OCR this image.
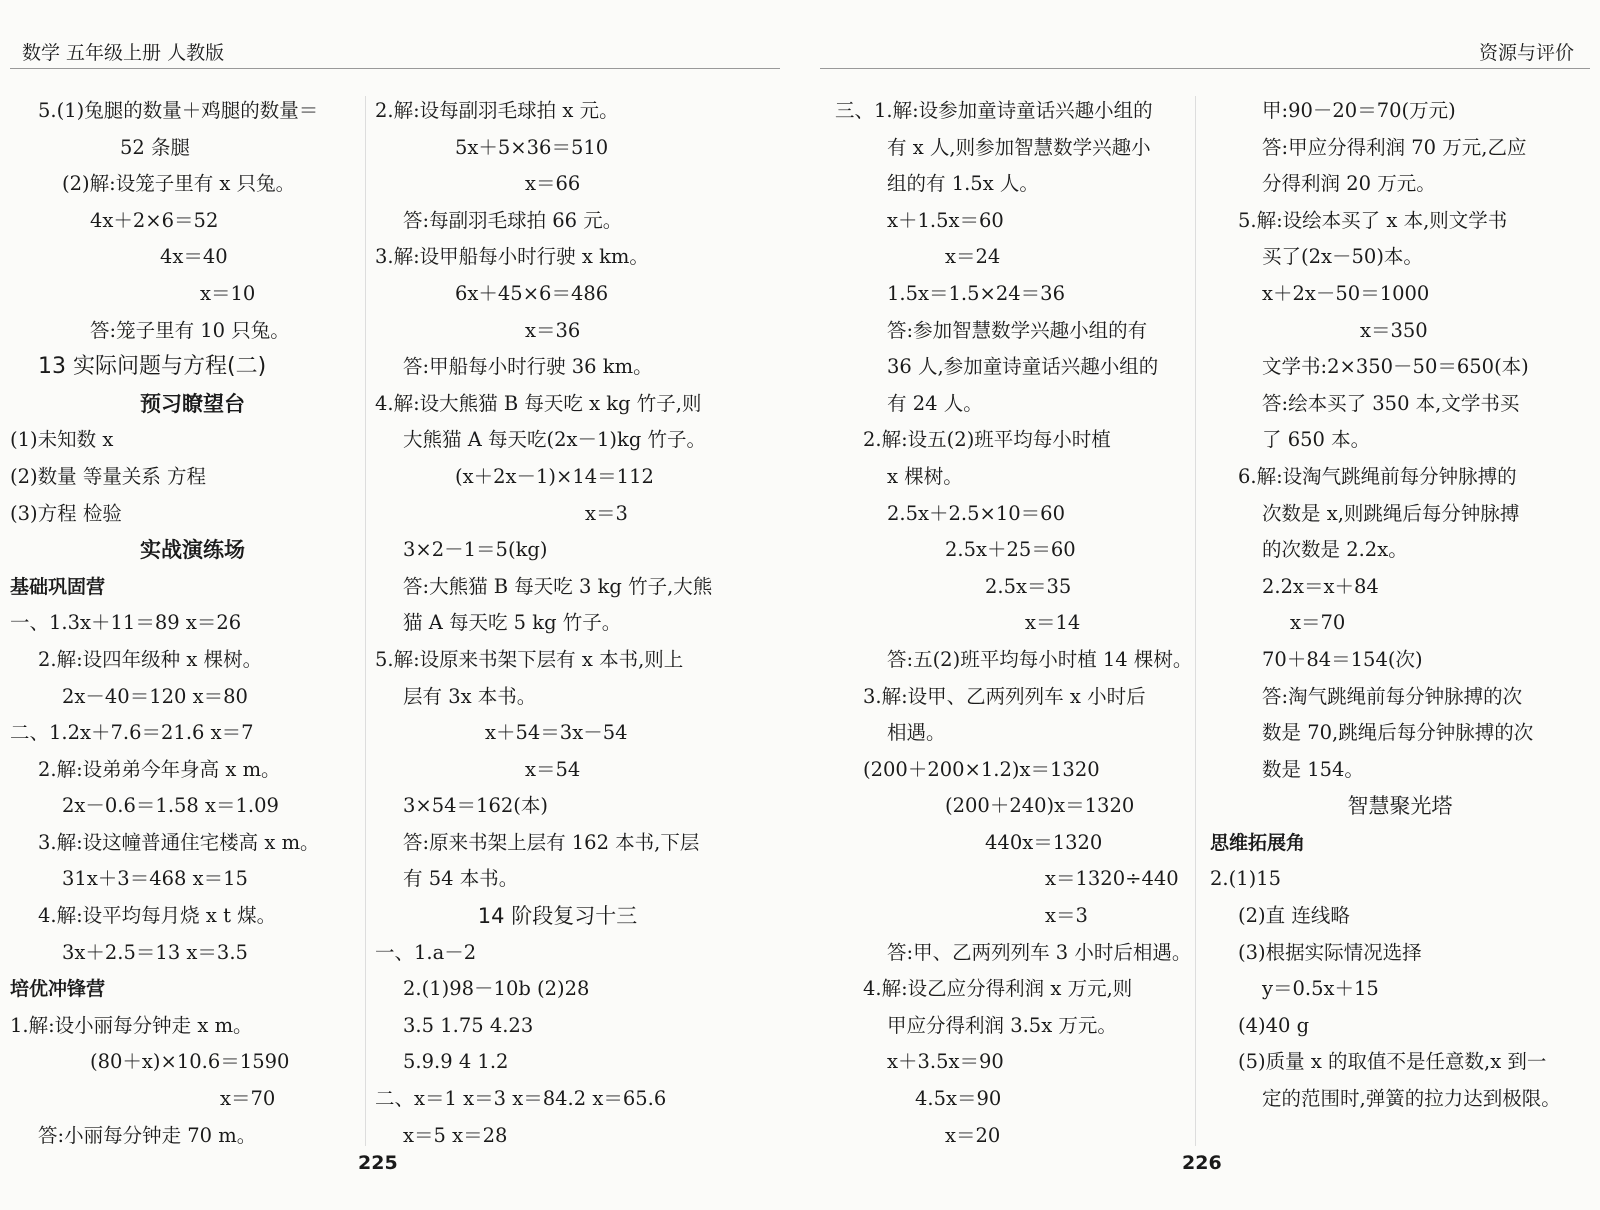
数学 五年级上册 人教版	资源与评价
5.(1)兔腿的数量＋鸡腿的数量＝
52 条腿
(2)解:设笼子里有 x 只兔。
4x＋2×6＝52
4x＝40
x＝10
答:笼子里有 10 只兔。
13 实际问题与方程(二)
预习瞭望台
(1)未知数 x
(2)数量 等量关系 方程
(3)方程 检验
实战演练场
基础巩固营
一、1.3x＋11＝89 x＝26
2.解:设四年级种 x 棵树。
2x－40＝120 x＝80
二、1.2x＋7.6＝21.6 x＝7
2.解:设弟弟今年身高 x m。
2x－0.6＝1.58 x＝1.09
3.解:设这幢普通住宅楼高 x m。
31x＋3＝468 x＝15
4.解:设平均每月烧 x t 煤。
3x＋2.5＝13 x＝3.5
培优冲锋营
1.解:设小丽每分钟走 x m。
(80＋x)×10.6＝1590
x＝70
答:小丽每分钟走 70 m。
2.解:设每副羽毛球拍 x 元。
5x＋5×36＝510
x＝66
答:每副羽毛球拍 66 元。
3.解:设甲船每小时行驶 x km。
6x＋45×6＝486
x＝36
答:甲船每小时行驶 36 km。
4.解:设大熊猫 B 每天吃 x kg 竹子,则
大熊猫 A 每天吃(2x－1)kg 竹子。
(x＋2x－1)×14＝112
x＝3
3×2－1＝5(kg)
答:大熊猫 B 每天吃 3 kg 竹子,大熊
猫 A 每天吃 5 kg 竹子。
5.解:设原来书架下层有 x 本书,则上
层有 3x 本书。
x＋54＝3x－54
x＝54
3×54＝162(本)
答:原来书架上层有 162 本书,下层
有 54 本书。
14 阶段复习十三
一、1.a－2
2.(1)98－10b (2)28
3.5 1.75 4.23
5.9.9 4 1.2
二、x＝1 x＝3 x＝84.2 x＝65.6
x＝5 x＝28
三、1.解:设参加童诗童话兴趣小组的
有 x 人,则参加智慧数学兴趣小
组的有 1.5x 人。
x＋1.5x＝60
x＝24
1.5x＝1.5×24＝36
答:参加智慧数学兴趣小组的有
36 人,参加童诗童话兴趣小组的
有 24 人。
2.解:设五(2)班平均每小时植
x 棵树。
2.5x＋2.5×10＝60
2.5x＋25＝60
2.5x＝35
x＝14
答:五(2)班平均每小时植 14 棵树。
3.解:设甲、乙两列列车 x 小时后
相遇。
(200＋200×1.2)x＝1320
(200＋240)x＝1320
440x＝1320
x＝1320÷440
x＝3
答:甲、乙两列列车 3 小时后相遇。
4.解:设乙应分得利润 x 万元,则
甲应分得利润 3.5x 万元。
x＋3.5x＝90
4.5x＝90
x＝20
甲:90－20＝70(万元)
答:甲应分得利润 70 万元,乙应
分得利润 20 万元。
5.解:设绘本买了 x 本,则文学书
买了(2x－50)本。
x＋2x－50＝1000
x＝350
文学书:2×350－50＝650(本)
答:绘本买了 350 本,文学书买
了 650 本。
6.解:设淘气跳绳前每分钟脉搏的
次数是 x,则跳绳后每分钟脉搏
的次数是 2.2x。
2.2x＝x＋84
x＝70
70＋84＝154(次)
答:淘气跳绳前每分钟脉搏的次
数是 70,跳绳后每分钟脉搏的次
数是 154。
智慧聚光塔
思维拓展角
2.(1)15
(2)直 连线略
(3)根据实际情况选择
y＝0.5x＋15
(4)40 g
(5)质量 x 的取值不是任意数,x 到一
定的范围时,弹簧的拉力达到极限。
225	226
